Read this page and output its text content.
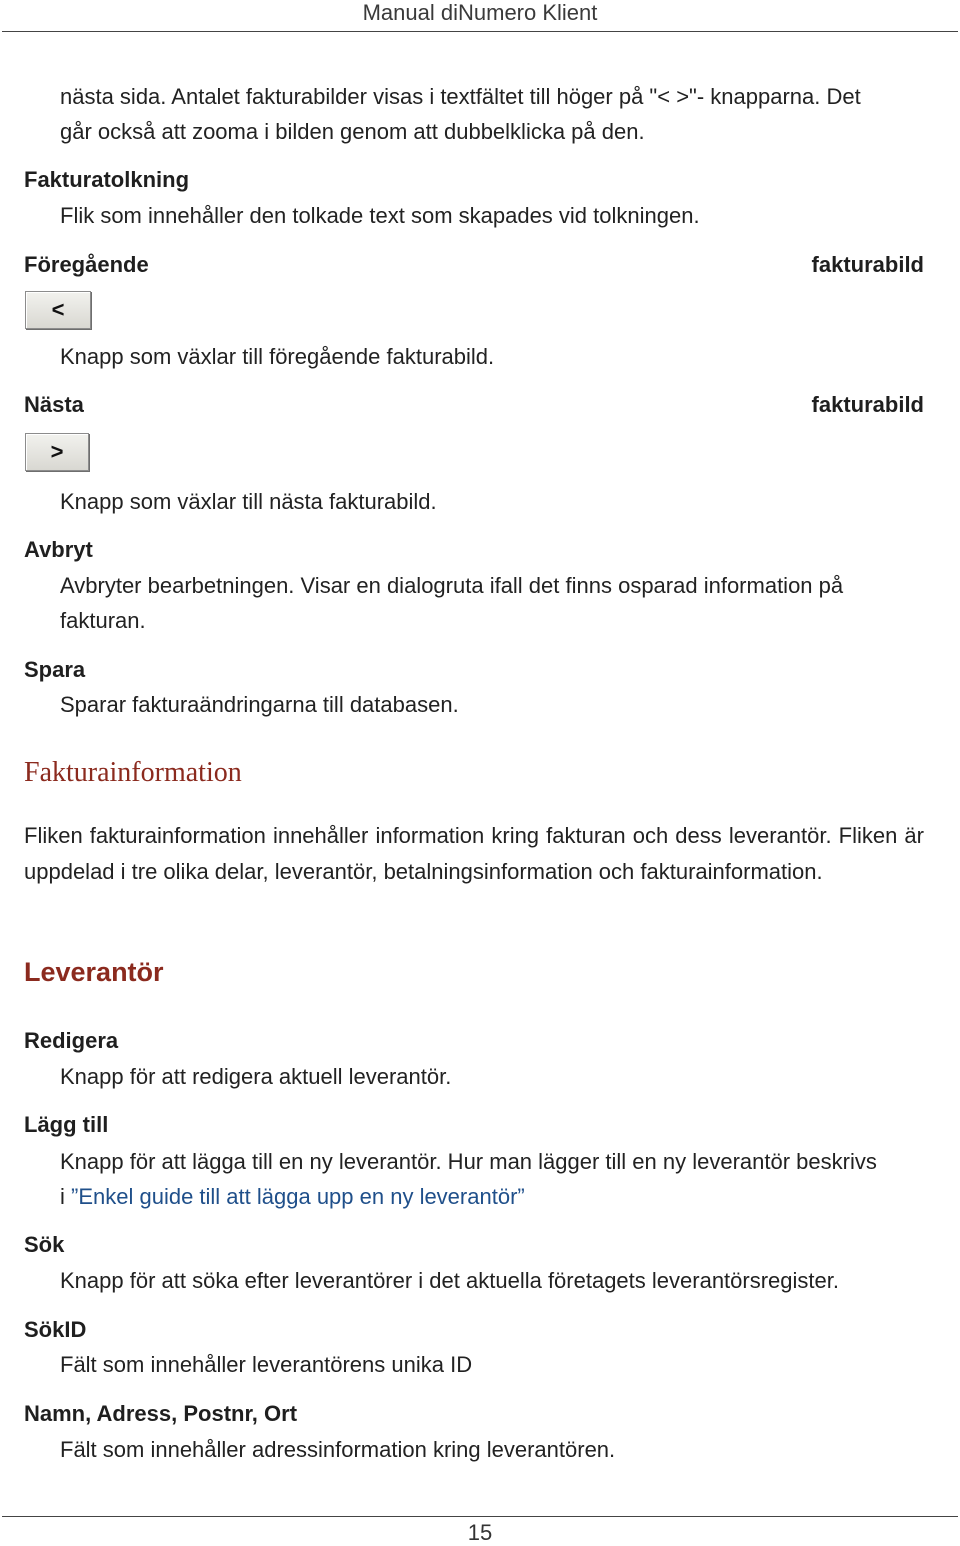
Manual diNumero Klient
nästa sida. Antalet fakturabilder visas i textfältet till höger på "< >"- knapparna. Det
går också att zooma i bilden genom att dubbelklicka på den.
Fakturatolkning
Flik som innehåller den tolkade text som skapades vid tolkningen.
Föregående	fakturabild
<
Knapp som växlar till föregående fakturabild.
Nästa	fakturabild
>
Knapp som växlar till nästa fakturabild.
Avbryt
Avbryter bearbetningen. Visar en dialogruta ifall det finns osparad information på
fakturan.
Spara
Sparar fakturaändringarna till databasen.
Fakturainformation
Fliken fakturainformation innehåller information kring fakturan och dess leverantör. Fliken är uppdelad i tre olika delar, leverantör, betalningsinformation och fakturainformation.
Leverantör
Redigera
Knapp för att redigera aktuell leverantör.
Lägg till
Knapp för att lägga till en ny leverantör. Hur man lägger till en ny leverantör beskrivs
i ”Enkel guide till att lägga upp en ny leverantör”
Sök
Knapp för att söka efter leverantörer i det aktuella företagets leverantörsregister.
SökID
Fält som innehåller leverantörens unika ID
Namn, Adress, Postnr, Ort
Fält som innehåller adressinformation kring leverantören.
15
